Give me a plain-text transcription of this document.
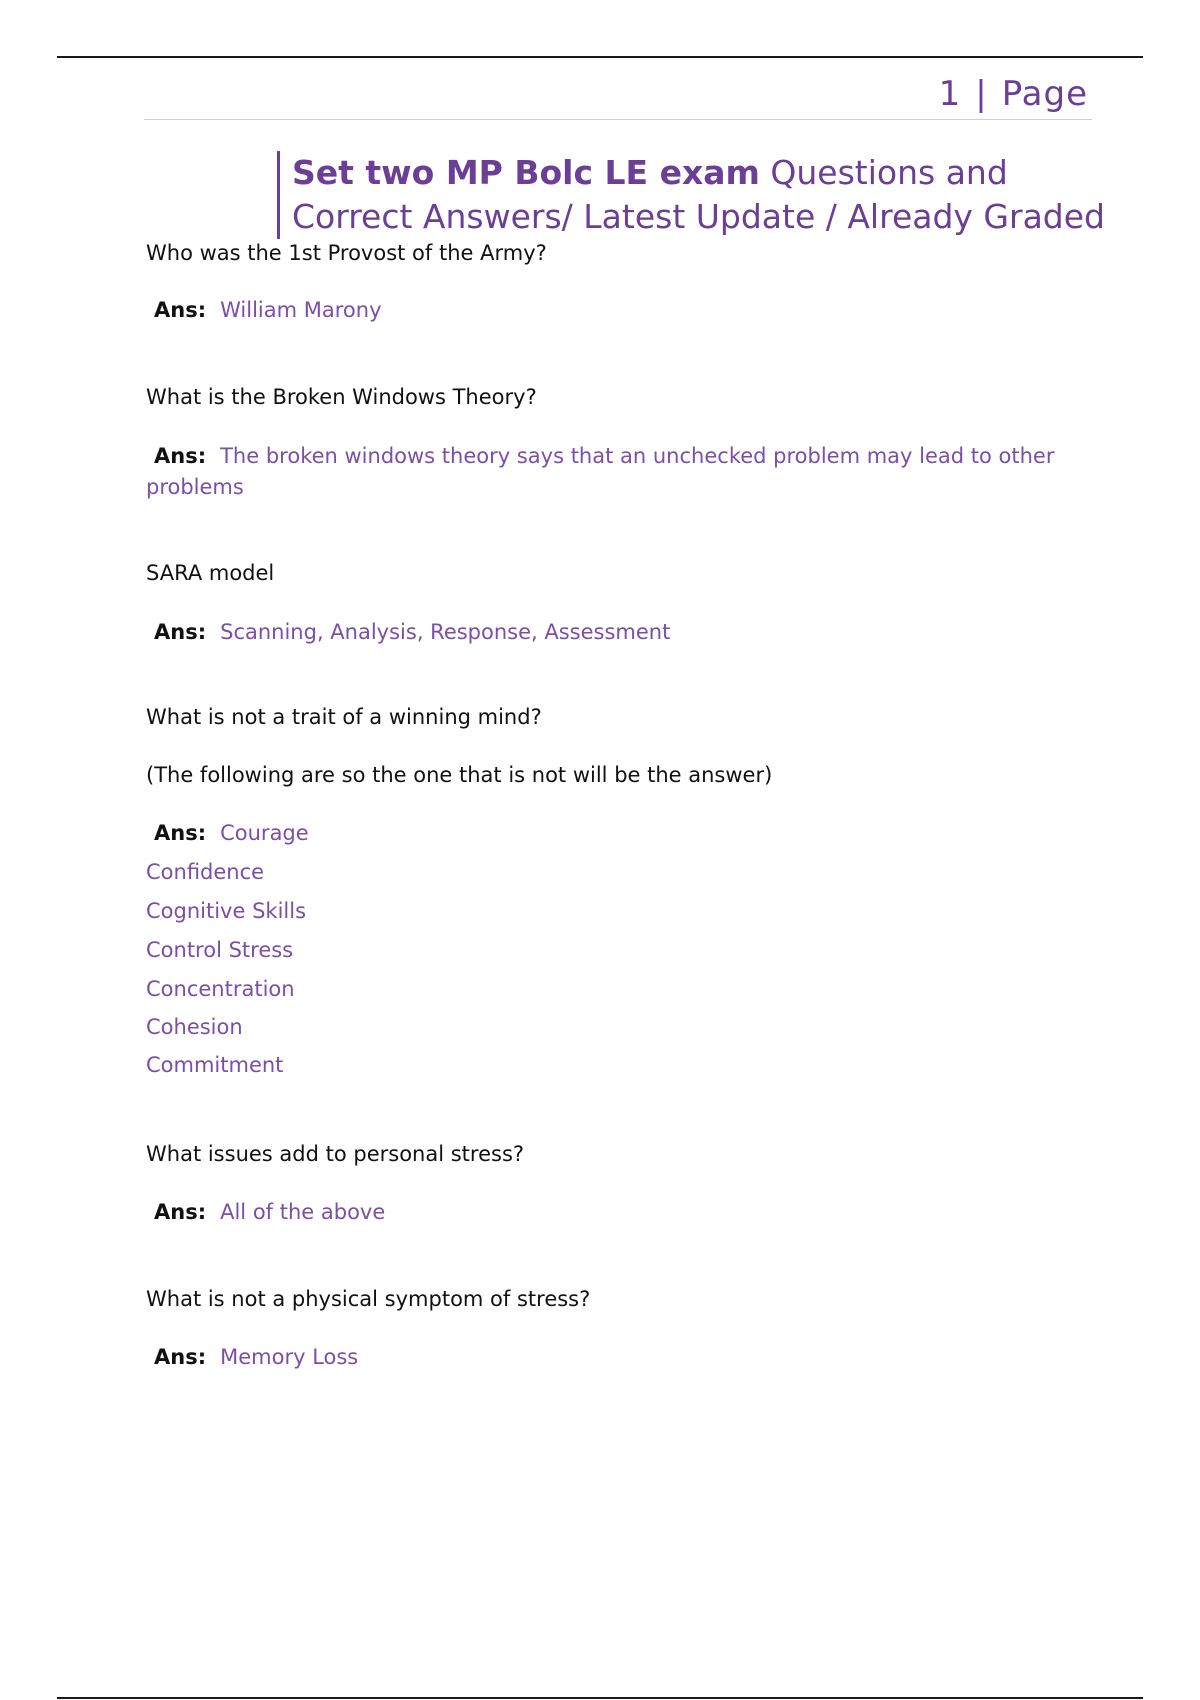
1 | Page
Set two MP Bolc LE exam Questions and Correct Answers/ Latest Update / Already Graded
Who was the 1st Provost of the Army?
Ans: William Marony
What is the Broken Windows Theory?
Ans: The broken windows theory says that an unchecked problem may lead to other problems
SARA model
Ans: Scanning, Analysis, Response, Assessment
What is not a trait of a winning mind?
(The following are so the one that is not will be the answer)
Ans: Courage
Confidence
Cognitive Skills
Control Stress
Concentration
Cohesion
Commitment
What issues add to personal stress?
Ans: All of the above
What is not a physical symptom of stress?
Ans: Memory Loss
